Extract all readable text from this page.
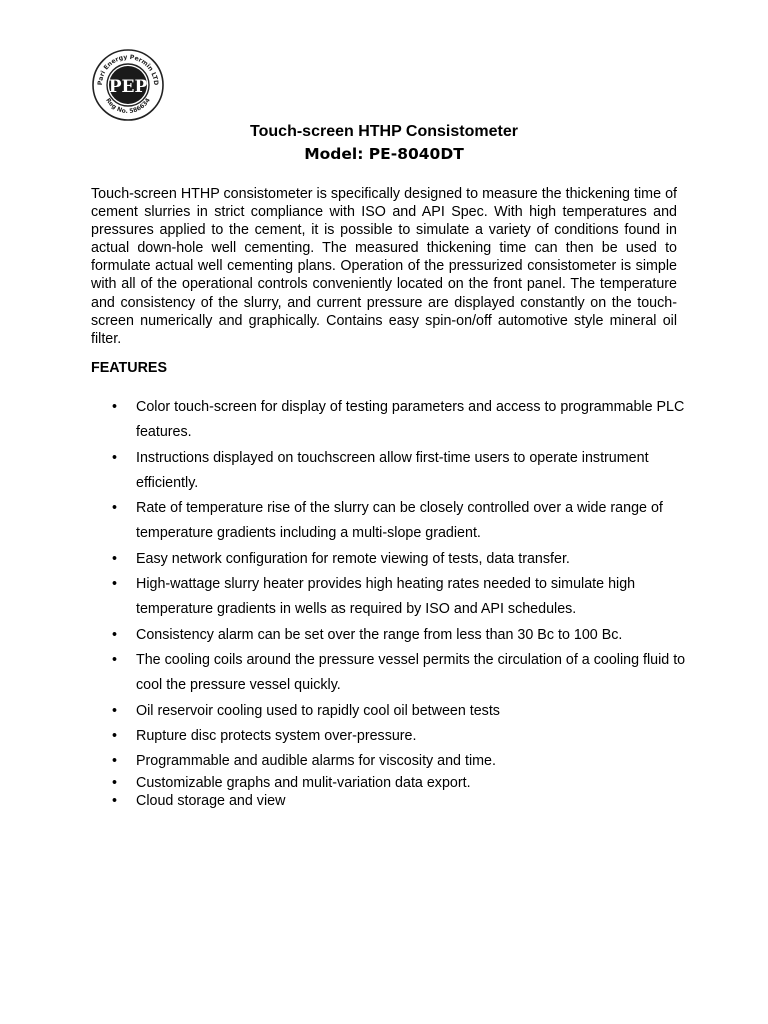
Pari Energy Permin LTD
Reg No. 586634
PEP
Touch-screen HTHP Consistometer
Model: PE-8040DT

Touch-screen HTHP consistometer is specifically designed to measure the thickening time of cement slurries in strict compliance with ISO and API Spec. With high temperatures and pressures applied to the cement, it is possible to simulate a variety of conditions found in actual down-hole well cementing. The measured thickening time can then be used to formulate actual well cementing plans. Operation of the pressurized consistometer is simple with all of the operational controls conveniently located on the front panel. The temperature and consistency of the slurry, and current pressure are displayed constantly on the touch-screen numerically and graphically. Contains easy spin-on/off automotive style mineral oil filter.

FEATURES
• Color touch-screen for display of testing parameters and access to programmable PLC features.
• Instructions displayed on touchscreen allow first-time users to operate instrument efficiently.
• Rate of temperature rise of the slurry can be closely controlled over a wide range of temperature gradients including a multi-slope gradient.
• Easy network configuration for remote viewing of tests, data transfer.
• High-wattage slurry heater provides high heating rates needed to simulate high temperature gradients in wells as required by ISO and API schedules.
• Consistency alarm can be set over the range from less than 30 Bc to 100 Bc.
• The cooling coils around the pressure vessel permits the circulation of a cooling fluid to cool the pressure vessel quickly.
• Oil reservoir cooling used to rapidly cool oil between tests
• Rupture disc protects system over-pressure.
• Programmable and audible alarms for viscosity and time.
• Customizable graphs and mulit-variation data export.
• Cloud storage and view
